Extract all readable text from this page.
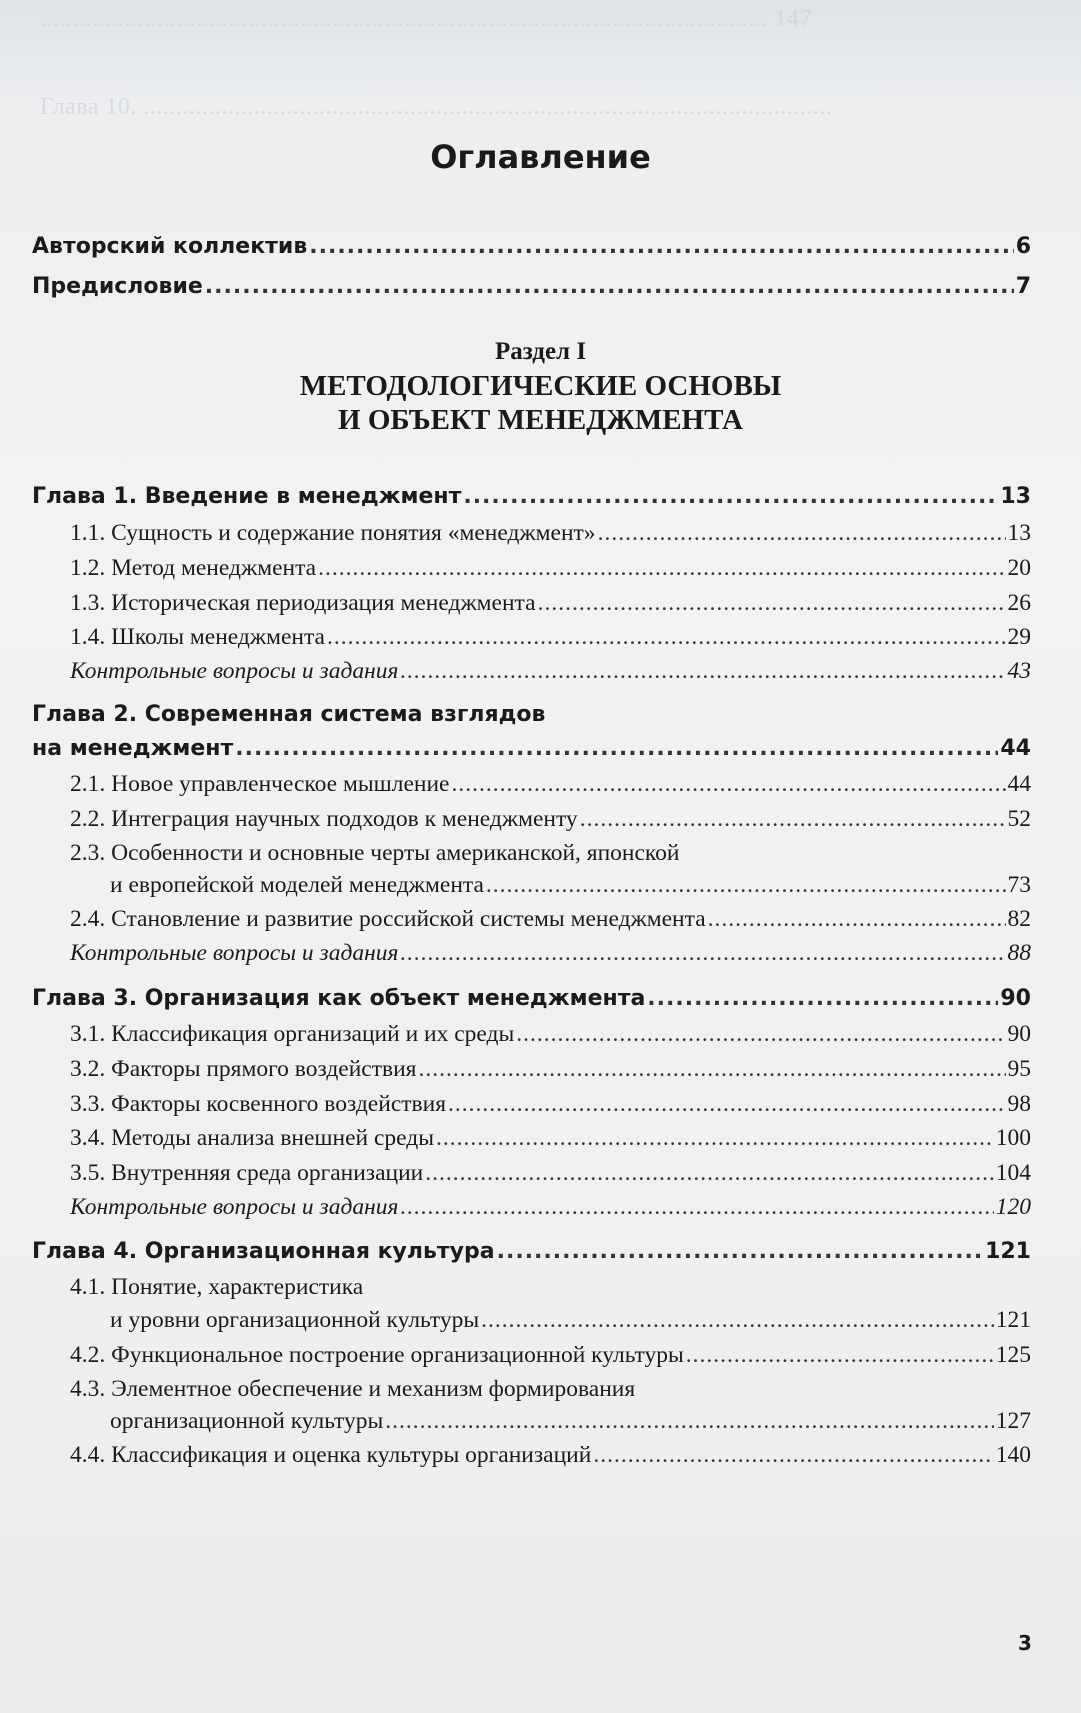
................................................................................................................ 147
Глава 10. ..........................................................................................................
Оглавление
Авторский коллектив .....	6
Предисловие .....	7
Раздел I
МЕТОДОЛОГИЧЕСКИЕ ОСНОВЫ
И ОБЪЕКТ МЕНЕДЖМЕНТА
Глава 1. Введение в менеджмент .....	13
1.1. Сущность и содержание понятия «менеджмент» .....	13
1.2. Метод менеджмента .....	20
1.3. Историческая периодизация менеджмента .....	26
1.4. Школы менеджмента .....	29
Контрольные вопросы и задания .....	43
Глава 2. Современная система взглядов
на менеджмент .....	44
2.1. Новое управленческое мышление .....	44
2.2. Интеграция научных подходов к менеджменту .....	52
2.3. Особенности и основные черты американской, японской
и европейской моделей менеджмента .....	73
2.4. Становление и развитие российской системы менеджмента .....	82
Контрольные вопросы и задания .....	88
Глава 3. Организация как объект менеджмента .....	90
3.1. Классификация организаций и их среды .....	90
3.2. Факторы прямого воздействия .....	95
3.3. Факторы косвенного воздействия .....	98
3.4. Методы анализа внешней среды .....	100
3.5. Внутренняя среда организации .....	104
Контрольные вопросы и задания .....	120
Глава 4. Организационная культура .....	121
4.1. Понятие, характеристика
и уровни организационной культуры .....	121
4.2. Функциональное построение организационной культуры .....	125
4.3. Элементное обеспечение и механизм формирования
организационной культуры .....	127
4.4. Классификация и оценка культуры организаций .....	140
3
